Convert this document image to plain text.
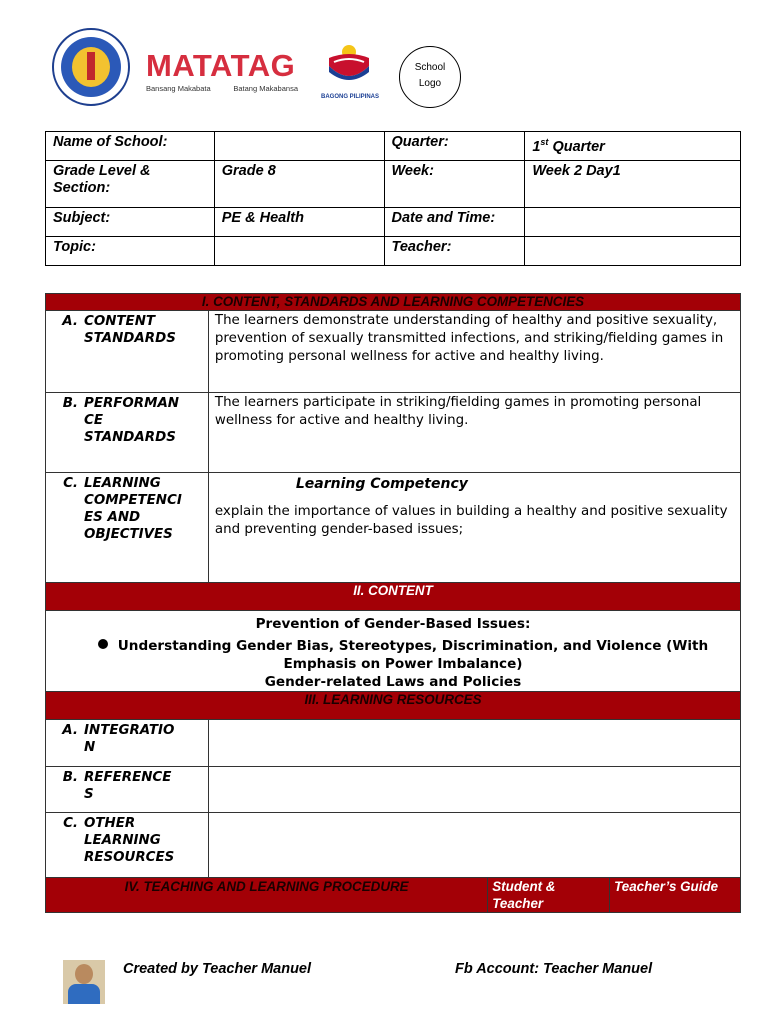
MATATAG
Bansang Makabata	Batang Makabansa
BAGONG PILIPINAS
School
Logo
Name of School:		Quarter:	1st Quarter
Grade Level & Section:	Grade 8	Week:	Week 2 Day1
Subject:	PE & Health	Date and Time:	
Topic:		Teacher:	
I. CONTENT, STANDARDS AND LEARNING COMPETENCIES			
A. CONTENT STANDARDS	The learners demonstrate understanding of healthy and positive sexuality, prevention of sexually transmitted infections, and striking/fielding games in promoting personal wellness for active and healthy living.		
B. PERFORMAN CE STANDARDS	The learners participate in striking/fielding games in promoting personal wellness for active and healthy living.		
C. LEARNING COMPETENCI ES AND OBJECTIVES	Learning Competency
explain the importance of values in building a healthy and positive sexuality and preventing gender-based issues;		

II. CONTENT			

Prevention of Gender-Based Issues:
Understanding Gender Bias, Stereotypes, Discrimination, and Violence (With Emphasis on Power Imbalance)
Gender-related Laws and Policies			

III. LEARNING RESOURCES			
A. INTEGRATIO N			
B. REFERENCE S			
C. OTHER LEARNING RESOURCES			
IV. TEACHING AND LEARNING PROCEDURE		Student & Teacher	Teacher’s Guide
Created by Teacher Manuel	Fb Account: Teacher Manuel
